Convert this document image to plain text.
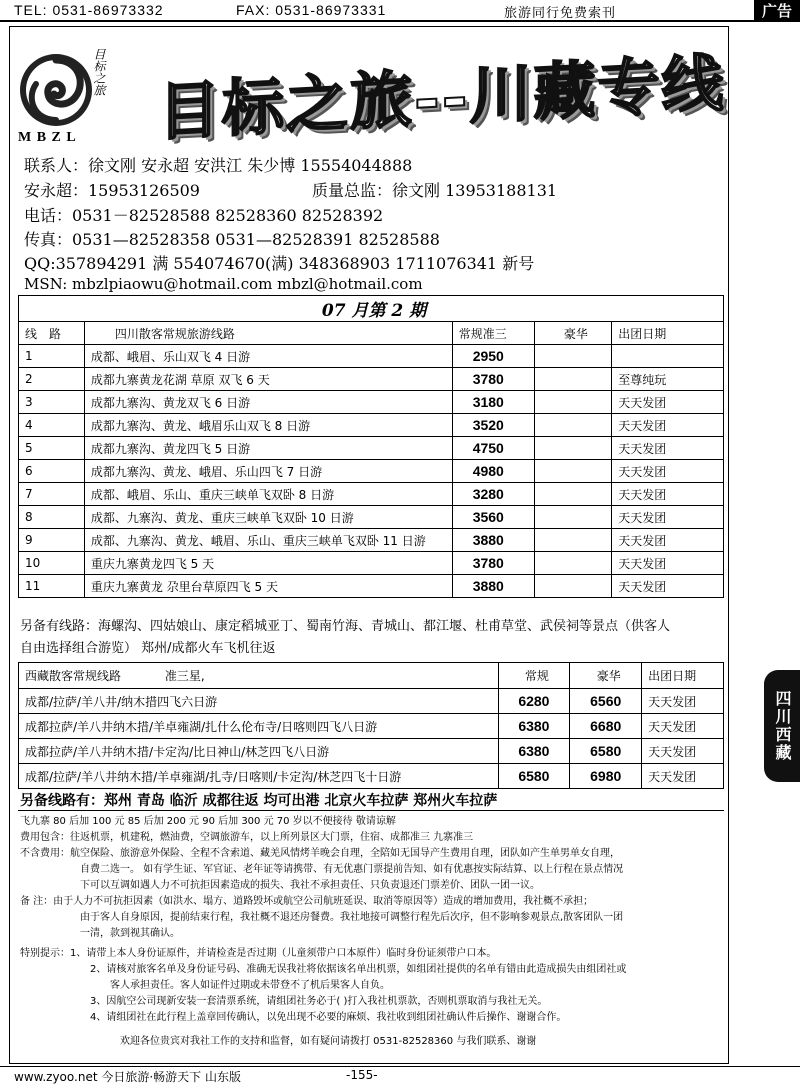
TEL: 0531-86973332	FAX: 0531-86973331	旅游同行免费索刊	广告
M B Z L
目标之旅 目标之旅--川藏专线
联系人：徐文刚 安永超 安洪江 朱少博 15554044888
安永超：15953126509	质量总监：徐文刚 13953188131
电话：0531－82528588 82528360 82528392
传真：0531—82528358 0531—82528391 82528588
QQ:357894291 满 554074670(满) 348368903 1711076341 新号
MSN: mbzlpiaowu@hotmail.com mbzl@hotmail.com
07 月第 2 期				
线　路	四川散客常规旅游线路	常规准三	豪华	出团日期
1	成都、峨眉、乐山双飞 4 日游	2950		
2	成都九寨黄龙花湖 草原 双飞 6 天	3780		至尊纯玩
3	成都九寨沟、黄龙双飞 6 日游	3180		天天发团
4	成都九寨沟、黄龙、峨眉乐山双飞 8 日游	3520		天天发团
5	成都九寨沟、黄龙四飞 5 日游	4750		天天发团
6	成都九寨沟、黄龙、峨眉、乐山四飞 7 日游	4980		天天发团
7	成都、峨眉、乐山、重庆三峡单飞双卧 8 日游	3280		天天发团
8	成都、九寨沟、黄龙、重庆三峡单飞双卧 10 日游	3560		天天发团
9	成都、九寨沟、黄龙、峨眉、乐山、重庆三峡单飞双卧 11 日游	3880		天天发团
10	重庆九寨黄龙四飞 5 天	3780		天天发团
11	重庆九寨黄龙 尕里台草原四飞 5 天	3880		天天发团
另备有线路：海螺沟、四姑娘山、康定稻城亚丁、蜀南竹海、青城山、都江堰、杜甫草堂、武侯祠等景点（供客人
自由选择组合游览） 郑州/成都火车飞机往返
西藏散客常规线路 准三星,	常规	豪华	出团日期
成都/拉萨/羊八井/纳木措四飞六日游	6280	6560	天天发团
成都拉萨/羊八井纳木措/羊卓雍湖/扎什么伦布寺/日喀则四飞八日游	6380	6680	天天发团
成都拉萨/羊八井纳木措/卡定沟/比日神山/林芝四飞八日游	6380	6580	天天发团
成都/拉萨/羊八井纳木措/羊卓雍湖/扎寺/日喀则/卡定沟/林芝四飞十日游	6580	6980	天天发团
另备线路有：郑州 青岛 临沂 成都往返 均可出港 北京火车拉萨 郑州火车拉萨
飞九寨 80 后加 100 元 85 后加 200 元 90 后加 300 元 70 岁以不便接待 敬请谅解
费用包含：往返机票，机建税，燃油费，空调旅游车，以上所列景区大门票，住宿、成都准三 九寨准三
不含费用：航空保险、旅游意外保险、全程不含索道、藏羌风情烤羊晚会自理，全陪如无国导产生费用自理，团队如产生单男单女自理，
自费二选一。 如有学生证、军官证、老年证等请携带、有无优惠门票提前告知、如有优惠按实际结算、以上行程在景点情况
下可以互调如遇人力不可抗拒因素造成的损失、我社不承担责任、只负责退还门票差价、团队一团一议。
备 注：由于人力不可抗拒因素（如洪水、塌方、道路毁坏或航空公司航班延误、取消等原因等）造成的增加费用，我社概不承担；
由于客人自身原因，提前结束行程，我社概不退还房餐费。我社地接可调整行程先后次序，但不影响参观景点,散客团队一团
一清，款到视其确认。
特别提示：1、请带上本人身份证原件，并请检查是否过期（儿童须带户口本原件）临时身份证须带户口本。
2、请核对旅客名单及身份证号码、准确无误我社将依据该名单出机票，如组团社提供的名单有错由此造成损失由组团社或
客人承担责任。客人如证件过期或未带登不了机后果客人自负。
3、因航空公司现新安装一套清票系统，请组团社务必于( )打入我社机票款，否则机票取消与我社无关。
4、请组团社在此行程上盖章回传确认，以免出现不必要的麻烦、我社收到组团社确认件后操作、谢谢合作。
欢迎各位贵宾对我社工作的支持和监督，如有疑问请拨打 0531-82528360 与我们联系、谢谢
四川西藏
www.zyoo.net 今日旅游·畅游天下 山东版	-155-
